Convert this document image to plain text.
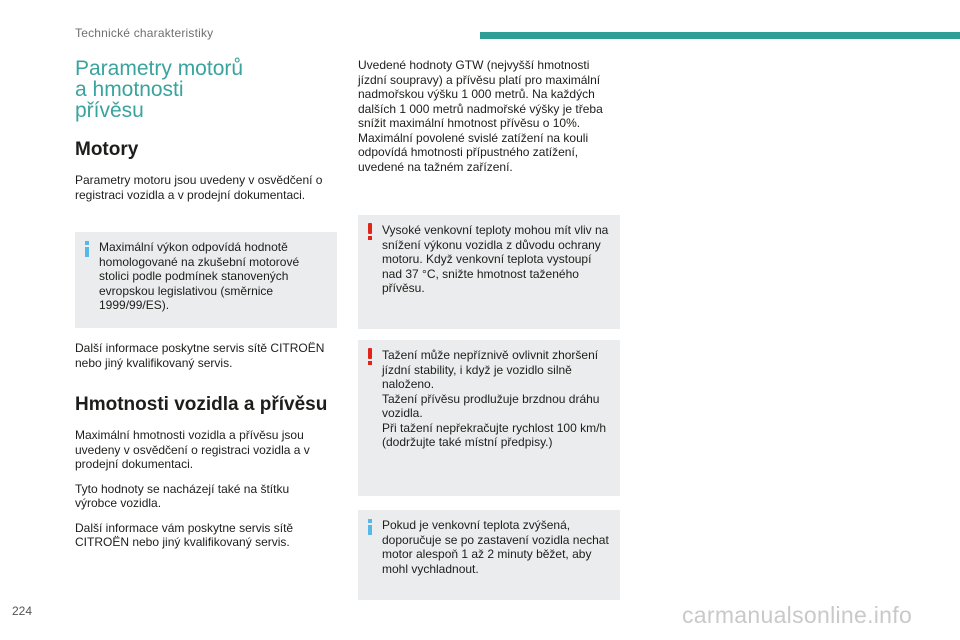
Technické charakteristiky
Parametry motorů
a hmotnosti
přívěsu
Motory

Parametry motoru jsou uvedeny v osvědčení o registraci vozidla a v prodejní dokumentaci.

Maximální výkon odpovídá hodnotě homologované na zkušební motorové stolici podle podmínek stanovených evropskou legislativou (směrnice 1999/99/ES).

Další informace poskytne servis sítě CITROËN nebo jiný kvalifikovaný servis.

Hmotnosti vozidla a přívěsu

Maximální hmotnosti vozidla a přívěsu jsou uvedeny v osvědčení o registraci vozidla a v prodejní dokumentaci.

Tyto hodnoty se nacházejí také na štítku výrobce vozidla.

Další informace vám poskytne servis sítě CITROËN nebo jiný kvalifikovaný servis.

Uvedené hodnoty GTW (nejvyšší hmotnosti jízdní soupravy) a přívěsu platí pro maximální nadmořskou výšku 1 000 metrů. Na každých dalších 1 000 metrů nadmořské výšky je třeba snížit maximální hmotnost přívěsu o 10%. Maximální povolené svislé zatížení na kouli odpovídá hmotnosti přípustného zatížení, uvedené na tažném zařízení.

Vysoké venkovní teploty mohou mít vliv na snížení výkonu vozidla z důvodu ochrany motoru. Když venkovní teplota vystoupí nad 37 °C, snižte hmotnost taženého přívěsu.
Tažení může nepříznivě ovlivnit zhoršení jízdní stability, i když je vozidlo silně naloženo.
Tažení přívěsu prodlužuje brzdnou dráhu vozidla.
Při tažení nepřekračujte rychlost 100 km/h (dodržujte také místní předpisy.)
Pokud je venkovní teplota zvýšená, doporučuje se po zastavení vozidla nechat motor alespoň 1 až 2 minuty běžet, aby mohl vychladnout.
224	carmanualsonline.info
